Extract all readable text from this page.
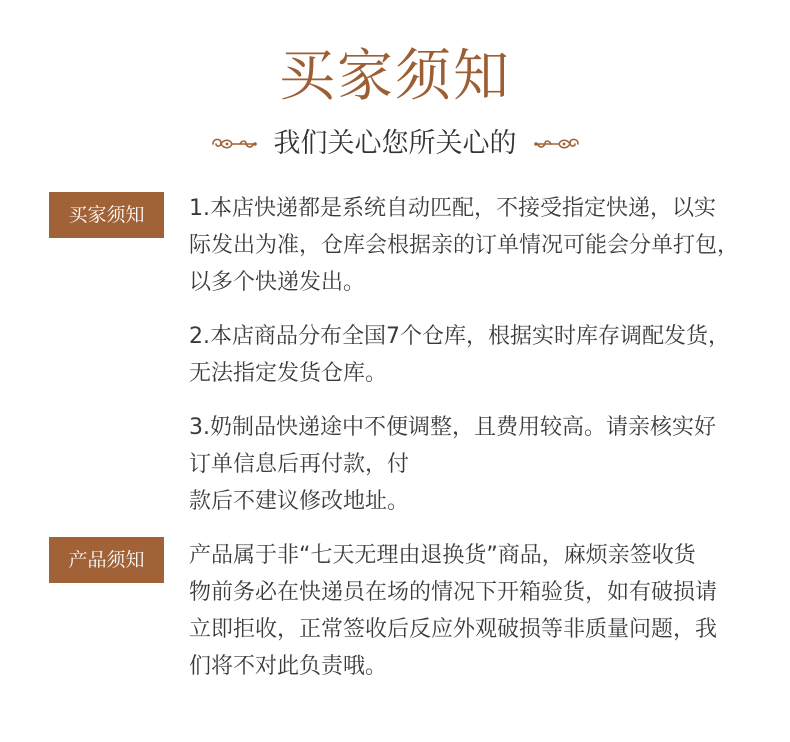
买家须知
我们关心您所关心的
买家须知	1.本店快递都是系统自动匹配，不接受指定快递，以实
际发出为准，仓库会根据亲的订单情况可能会分单打包，
以多个快递发出。
2.本店商品分布全国7个仓库，根据实时库存调配发货，
无法指定发货仓库。
3.奶制品快递途中不便调整，且费用较高。请亲核实好
订单信息后再付款，付
款后不建议修改地址。
产品须知	产品属于非“七天无理由退换货”商品，麻烦亲签收货
物前务必在快递员在场的情况下开箱验货，如有破损请
立即拒收，正常签收后反应外观破损等非质量问题，我
们将不对此负责哦。
